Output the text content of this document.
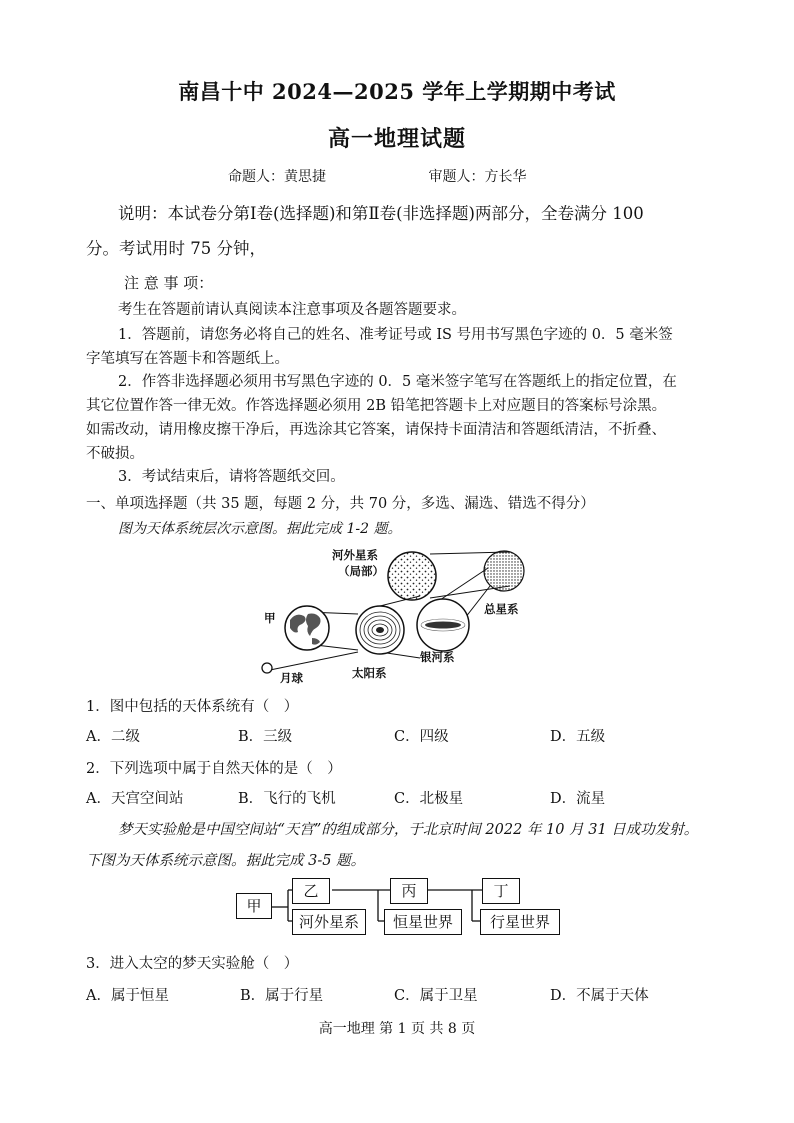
南昌十中 2024—2025 学年上学期期中考试
高一地理试题
命题人：黄思捷	审题人：方长华
说明：本试卷分第Ⅰ卷(选择题)和第Ⅱ卷(非选择题)两部分，全卷满分 100
分。考试用时 75 分钟，
注 意 事 项：
考生在答题前请认真阅读本注意事项及各题答题要求。
1．答题前，请您务必将自己的姓名、准考证号或 IS 号用书写黑色字迹的 0．5 毫米签
字笔填写在答题卡和答题纸上。
2．作答非选择题必须用书写黑色字迹的 0．5 毫米签字笔写在答题纸上的指定位置，在
其它位置作答一律无效。作答选择题必须用 2B 铅笔把答题卡上对应题目的答案标号涂黑。
如需改动，请用橡皮擦干净后，再选涂其它答案，请保持卡面清洁和答题纸清洁，不折叠、
不破损。
3．考试结束后，请将答题纸交回。
一、单项选择题（共 35 题，每题 2 分，共 70 分，多选、漏选、错选不得分）
图为天体系统层次示意图。据此完成 1-2 题。
河外星系
（局部）
甲
总星系
银河系
太阳系
月球
1．图中包括的天体系统有（　）
A．二级	B．三级	C．四级	D．五级
2．下列选项中属于自然天体的是（　）
A．天宫空间站	B．飞行的飞机	C．北极星	D．流星
梦天实验舱是中国空间站“天宫”的组成部分，于北京时间 2022 年 10 月 31 日成功发射。
下图为天体系统示意图。据此完成 3-5 题。
甲
乙
河外星系
丙
恒星世界
丁
行星世界
3．进入太空的梦天实验舱（　）
A．属于恒星	B．属于行星	C．属于卫星	D．不属于天体
高一地理 第 1 页 共 8 页
